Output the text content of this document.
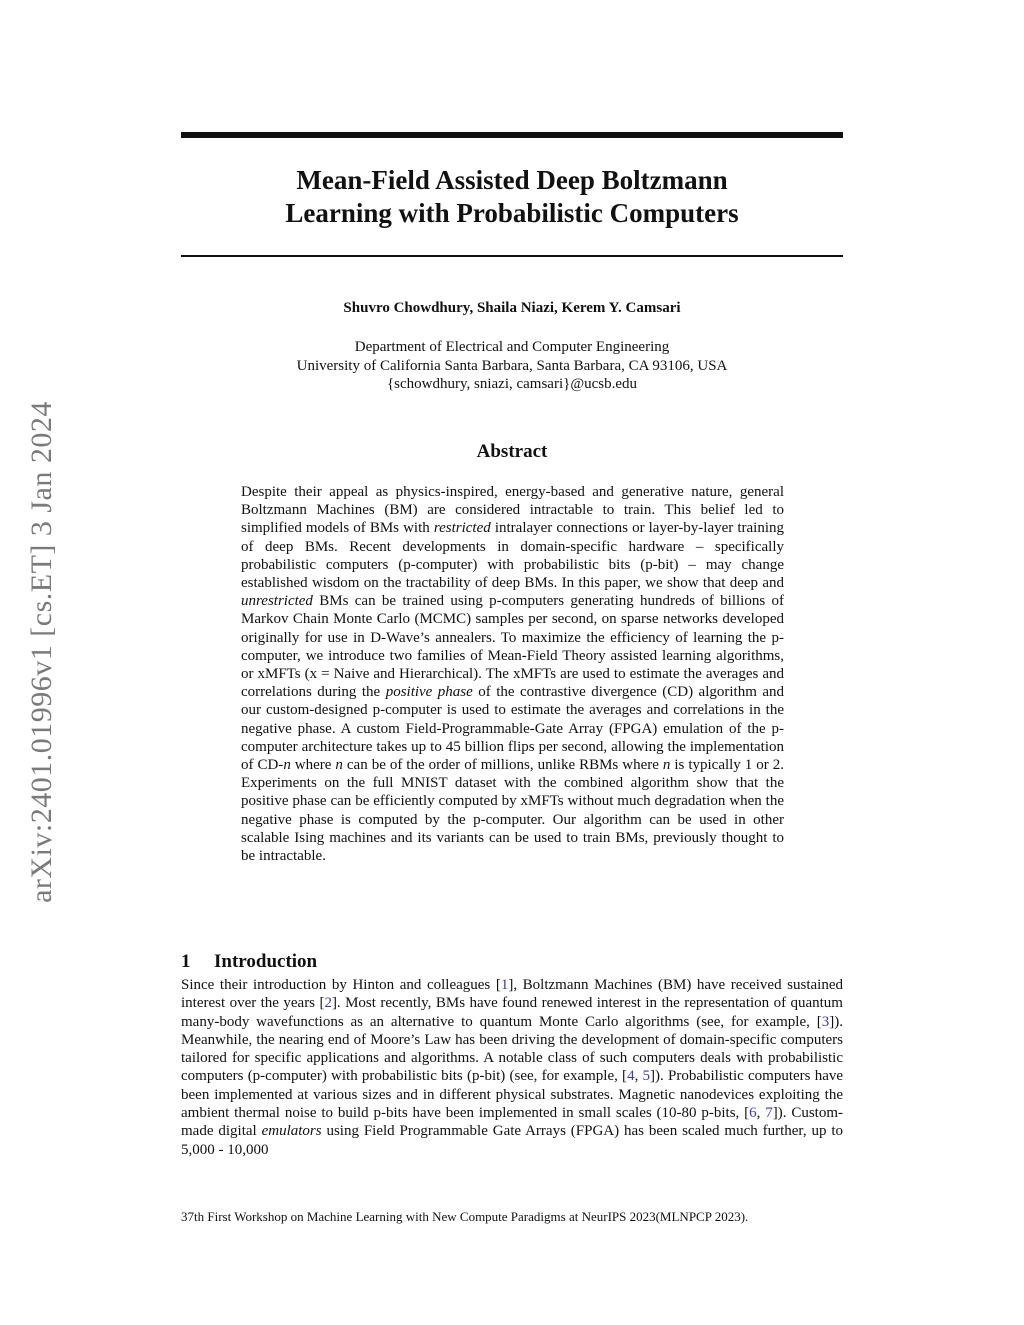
arXiv:2401.01996v1 [cs.ET] 3 Jan 2024
Mean-Field Assisted Deep Boltzmann
Learning with Probabilistic Computers
Shuvro Chowdhury, Shaila Niazi, Kerem Y. Camsari
Department of Electrical and Computer Engineering
University of California Santa Barbara, Santa Barbara, CA 93106, USA
{schowdhury, sniazi, camsari}@ucsb.edu
Abstract
Despite their appeal as physics-inspired, energy-based and generative nature, general Boltzmann Machines (BM) are considered intractable to train. This belief led to simplified models of BMs with restricted intralayer connections or layer-by-layer training of deep BMs. Recent developments in domain-specific hardware – specifically probabilistic computers (p-computer) with probabilistic bits (p-bit) – may change established wisdom on the tractability of deep BMs. In this paper, we show that deep and unrestricted BMs can be trained using p-computers generating hundreds of billions of Markov Chain Monte Carlo (MCMC) samples per second, on sparse networks developed originally for use in D-Wave’s annealers. To maximize the efficiency of learning the p-computer, we introduce two families of Mean-Field Theory assisted learning algorithms, or xMFTs (x = Naive and Hierarchical). The xMFTs are used to estimate the averages and correlations during the positive phase of the contrastive divergence (CD) algorithm and our custom-designed p-computer is used to estimate the averages and correlations in the negative phase. A custom Field-Programmable-Gate Array (FPGA) emulation of the p-computer architecture takes up to 45 billion flips per second, allowing the implementation of CD-n where n can be of the order of millions, unlike RBMs where n is typically 1 or 2. Experiments on the full MNIST dataset with the combined algorithm show that the positive phase can be efficiently computed by xMFTs without much degradation when the negative phase is computed by the p-computer. Our algorithm can be used in other scalable Ising machines and its variants can be used to train BMs, previously thought to be intractable.
1 Introduction
Since their introduction by Hinton and colleagues [1], Boltzmann Machines (BM) have received sustained interest over the years [2]. Most recently, BMs have found renewed interest in the representation of quantum many-body wavefunctions as an alternative to quantum Monte Carlo algorithms (see, for example, [3]). Meanwhile, the nearing end of Moore’s Law has been driving the development of domain-specific computers tailored for specific applications and algorithms. A notable class of such computers deals with probabilistic computers (p-computer) with probabilistic bits (p-bit) (see, for example, [4, 5]). Probabilistic computers have been implemented at various sizes and in different physical substrates. Magnetic nanodevices exploiting the ambient thermal noise to build p-bits have been implemented in small scales (10-80 p-bits, [6, 7]). Custom-made digital emulators using Field Programmable Gate Arrays (FPGA) has been scaled much further, up to 5,000 - 10,000
37th First Workshop on Machine Learning with New Compute Paradigms at NeurIPS 2023(MLNPCP 2023).
